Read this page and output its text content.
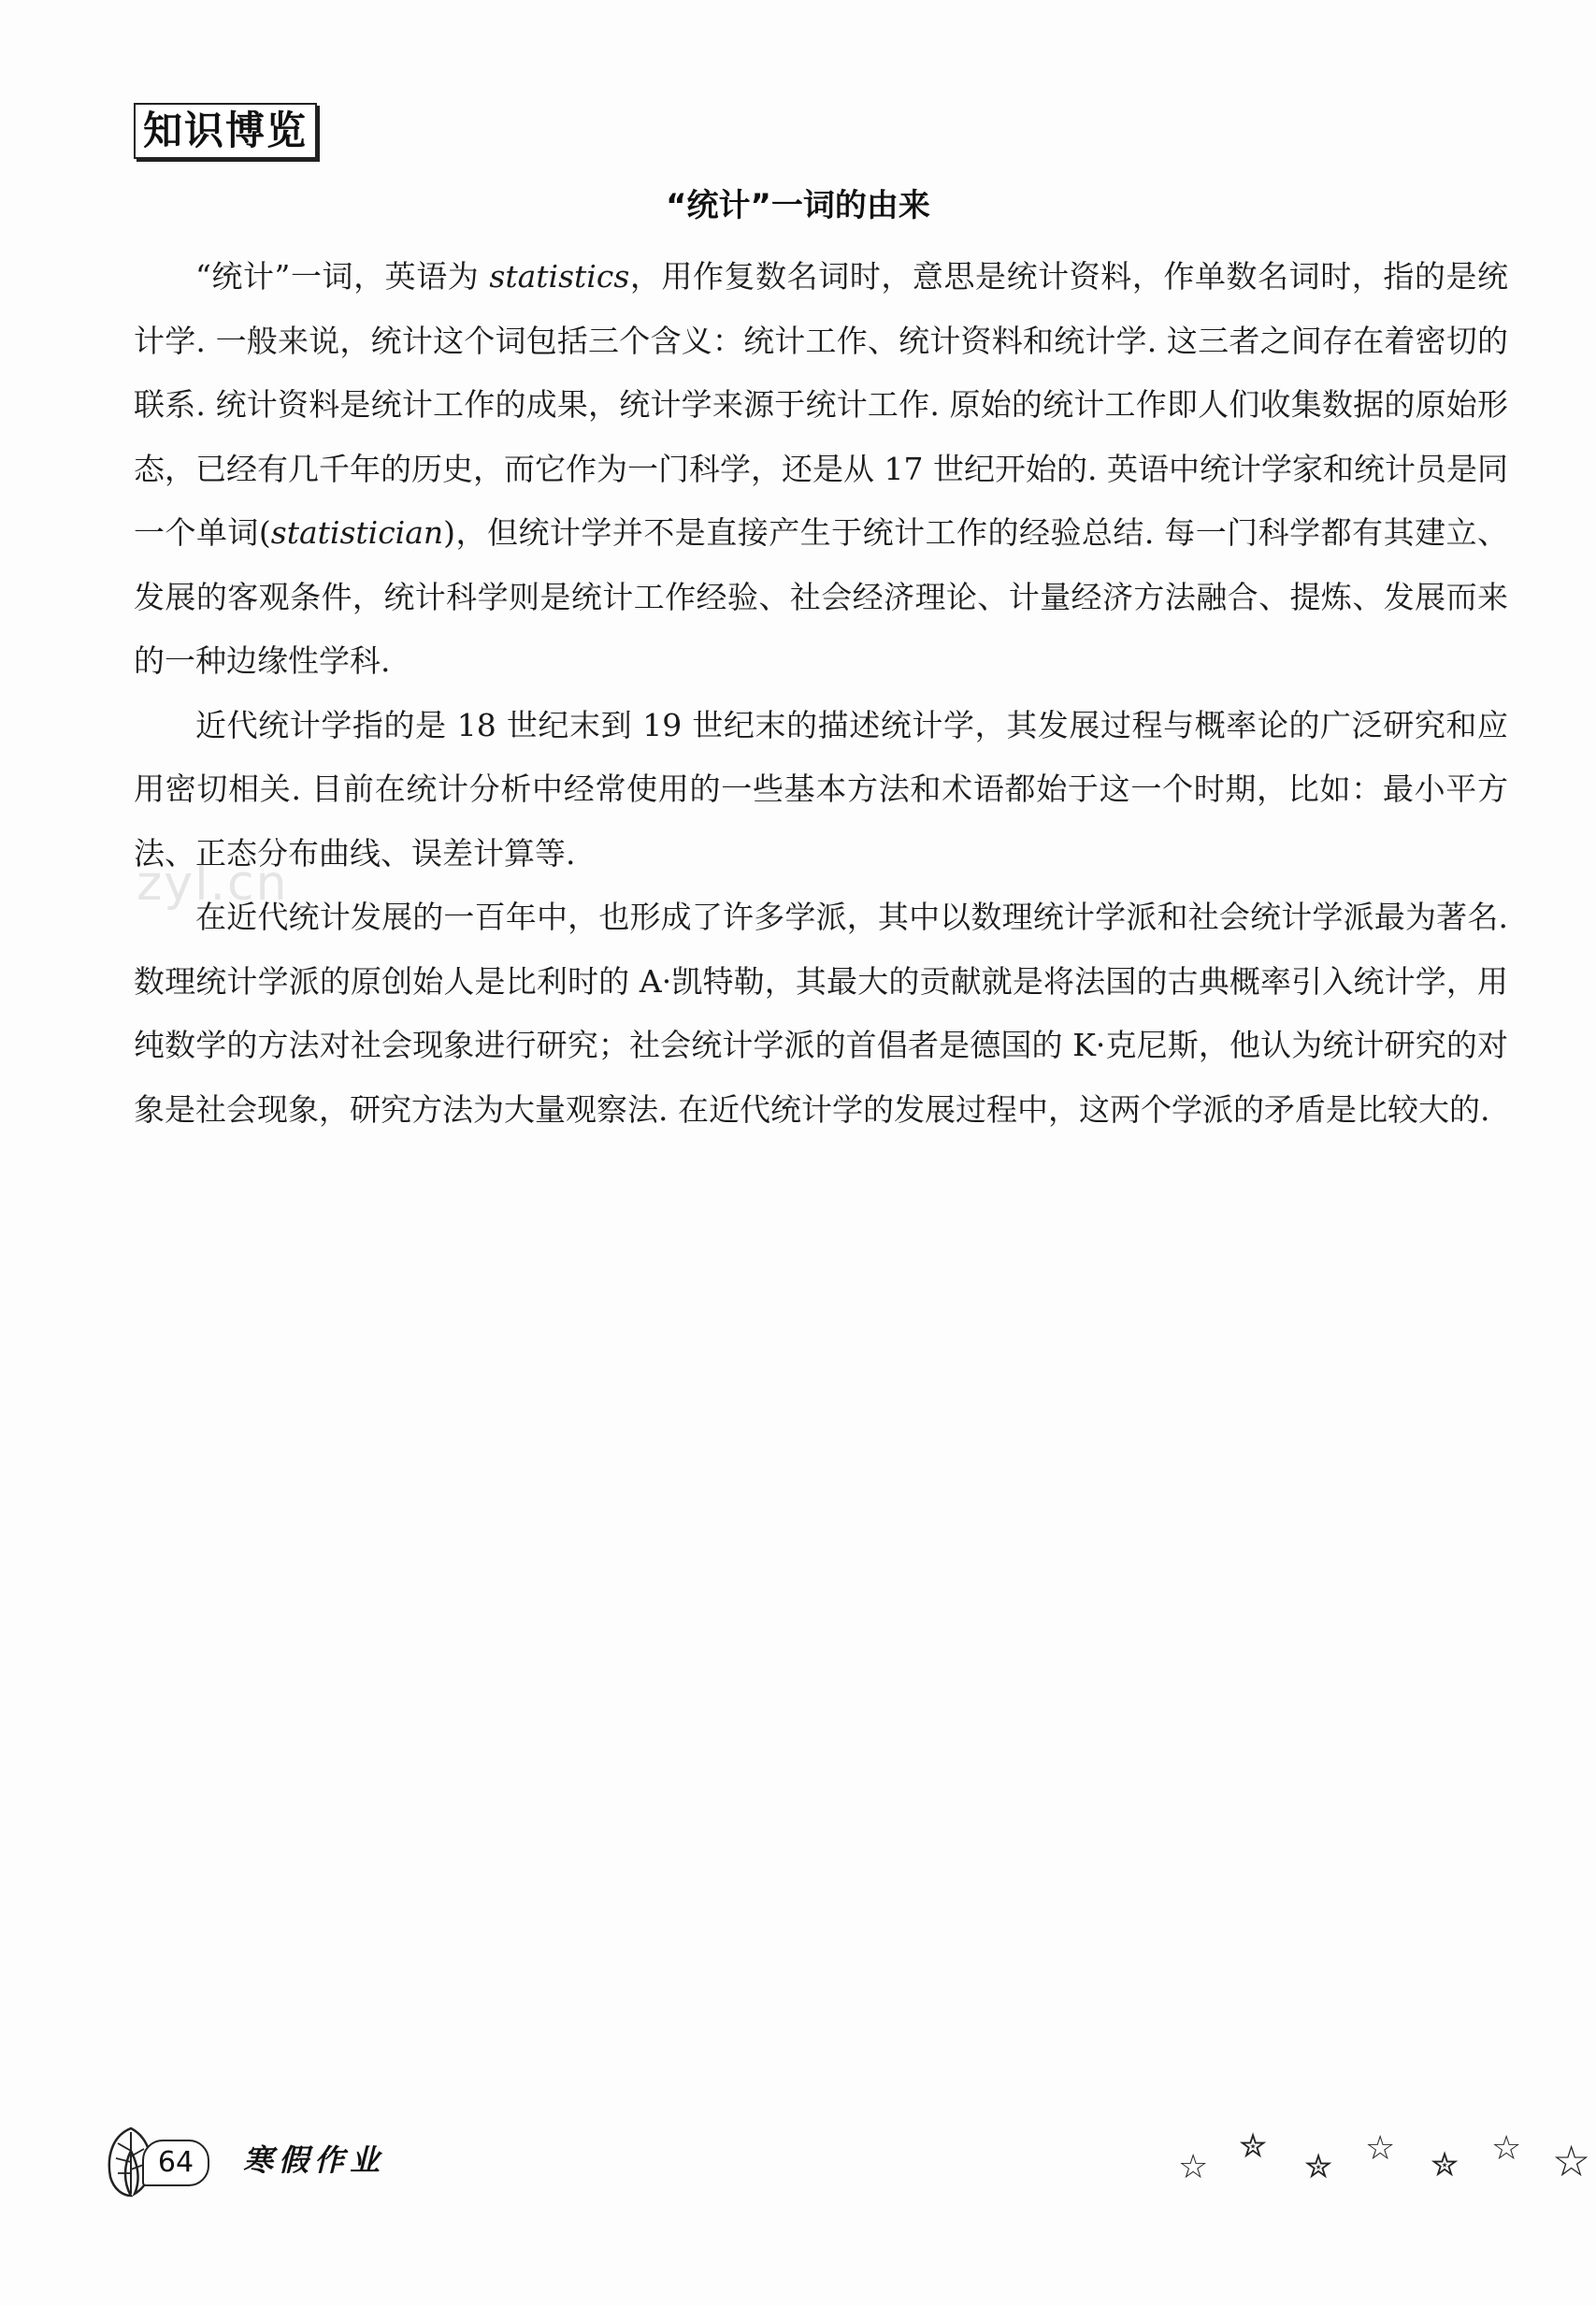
知识博览
“统计”一词的由来

“统计”一词，英语为 statistics，用作复数名词时，意思是统计资料，作单数名词时，指的是统计学. 一般来说，统计这个词包括三个含义：统计工作、统计资料和统计学. 这三者之间存在着密切的联系. 统计资料是统计工作的成果，统计学来源于统计工作. 原始的统计工作即人们收集数据的原始形态，已经有几千年的历史，而它作为一门科学，还是从 17 世纪开始的. 英语中统计学家和统计员是同一个单词(statistician)，但统计学并不是直接产生于统计工作的经验总结. 每一门科学都有其建立、发展的客观条件，统计科学则是统计工作经验、社会经济理论、计量经济方法融合、提炼、发展而来的一种边缘性学科.

近代统计学指的是 18 世纪末到 19 世纪末的描述统计学，其发展过程与概率论的广泛研究和应用密切相关. 目前在统计分析中经常使用的一些基本方法和术语都始于这一个时期，比如：最小平方法、正态分布曲线、误差计算等.

在近代统计发展的一百年中，也形成了许多学派，其中以数理统计学派和社会统计学派最为著名. 数理统计学派的原创始人是比利时的 A·凯特勒，其最大的贡献就是将法国的古典概率引入统计学，用纯数学的方法对社会现象进行研究；社会统计学派的首倡者是德国的 K·克尼斯，他认为统计研究的对象是社会现象，研究方法为大量观察法. 在近代统计学的发展过程中，这两个学派的矛盾是比较大的.

zyl.cn
64	寒假作业	☆
✮
✮ ☆ ✮ ☆ ☆
